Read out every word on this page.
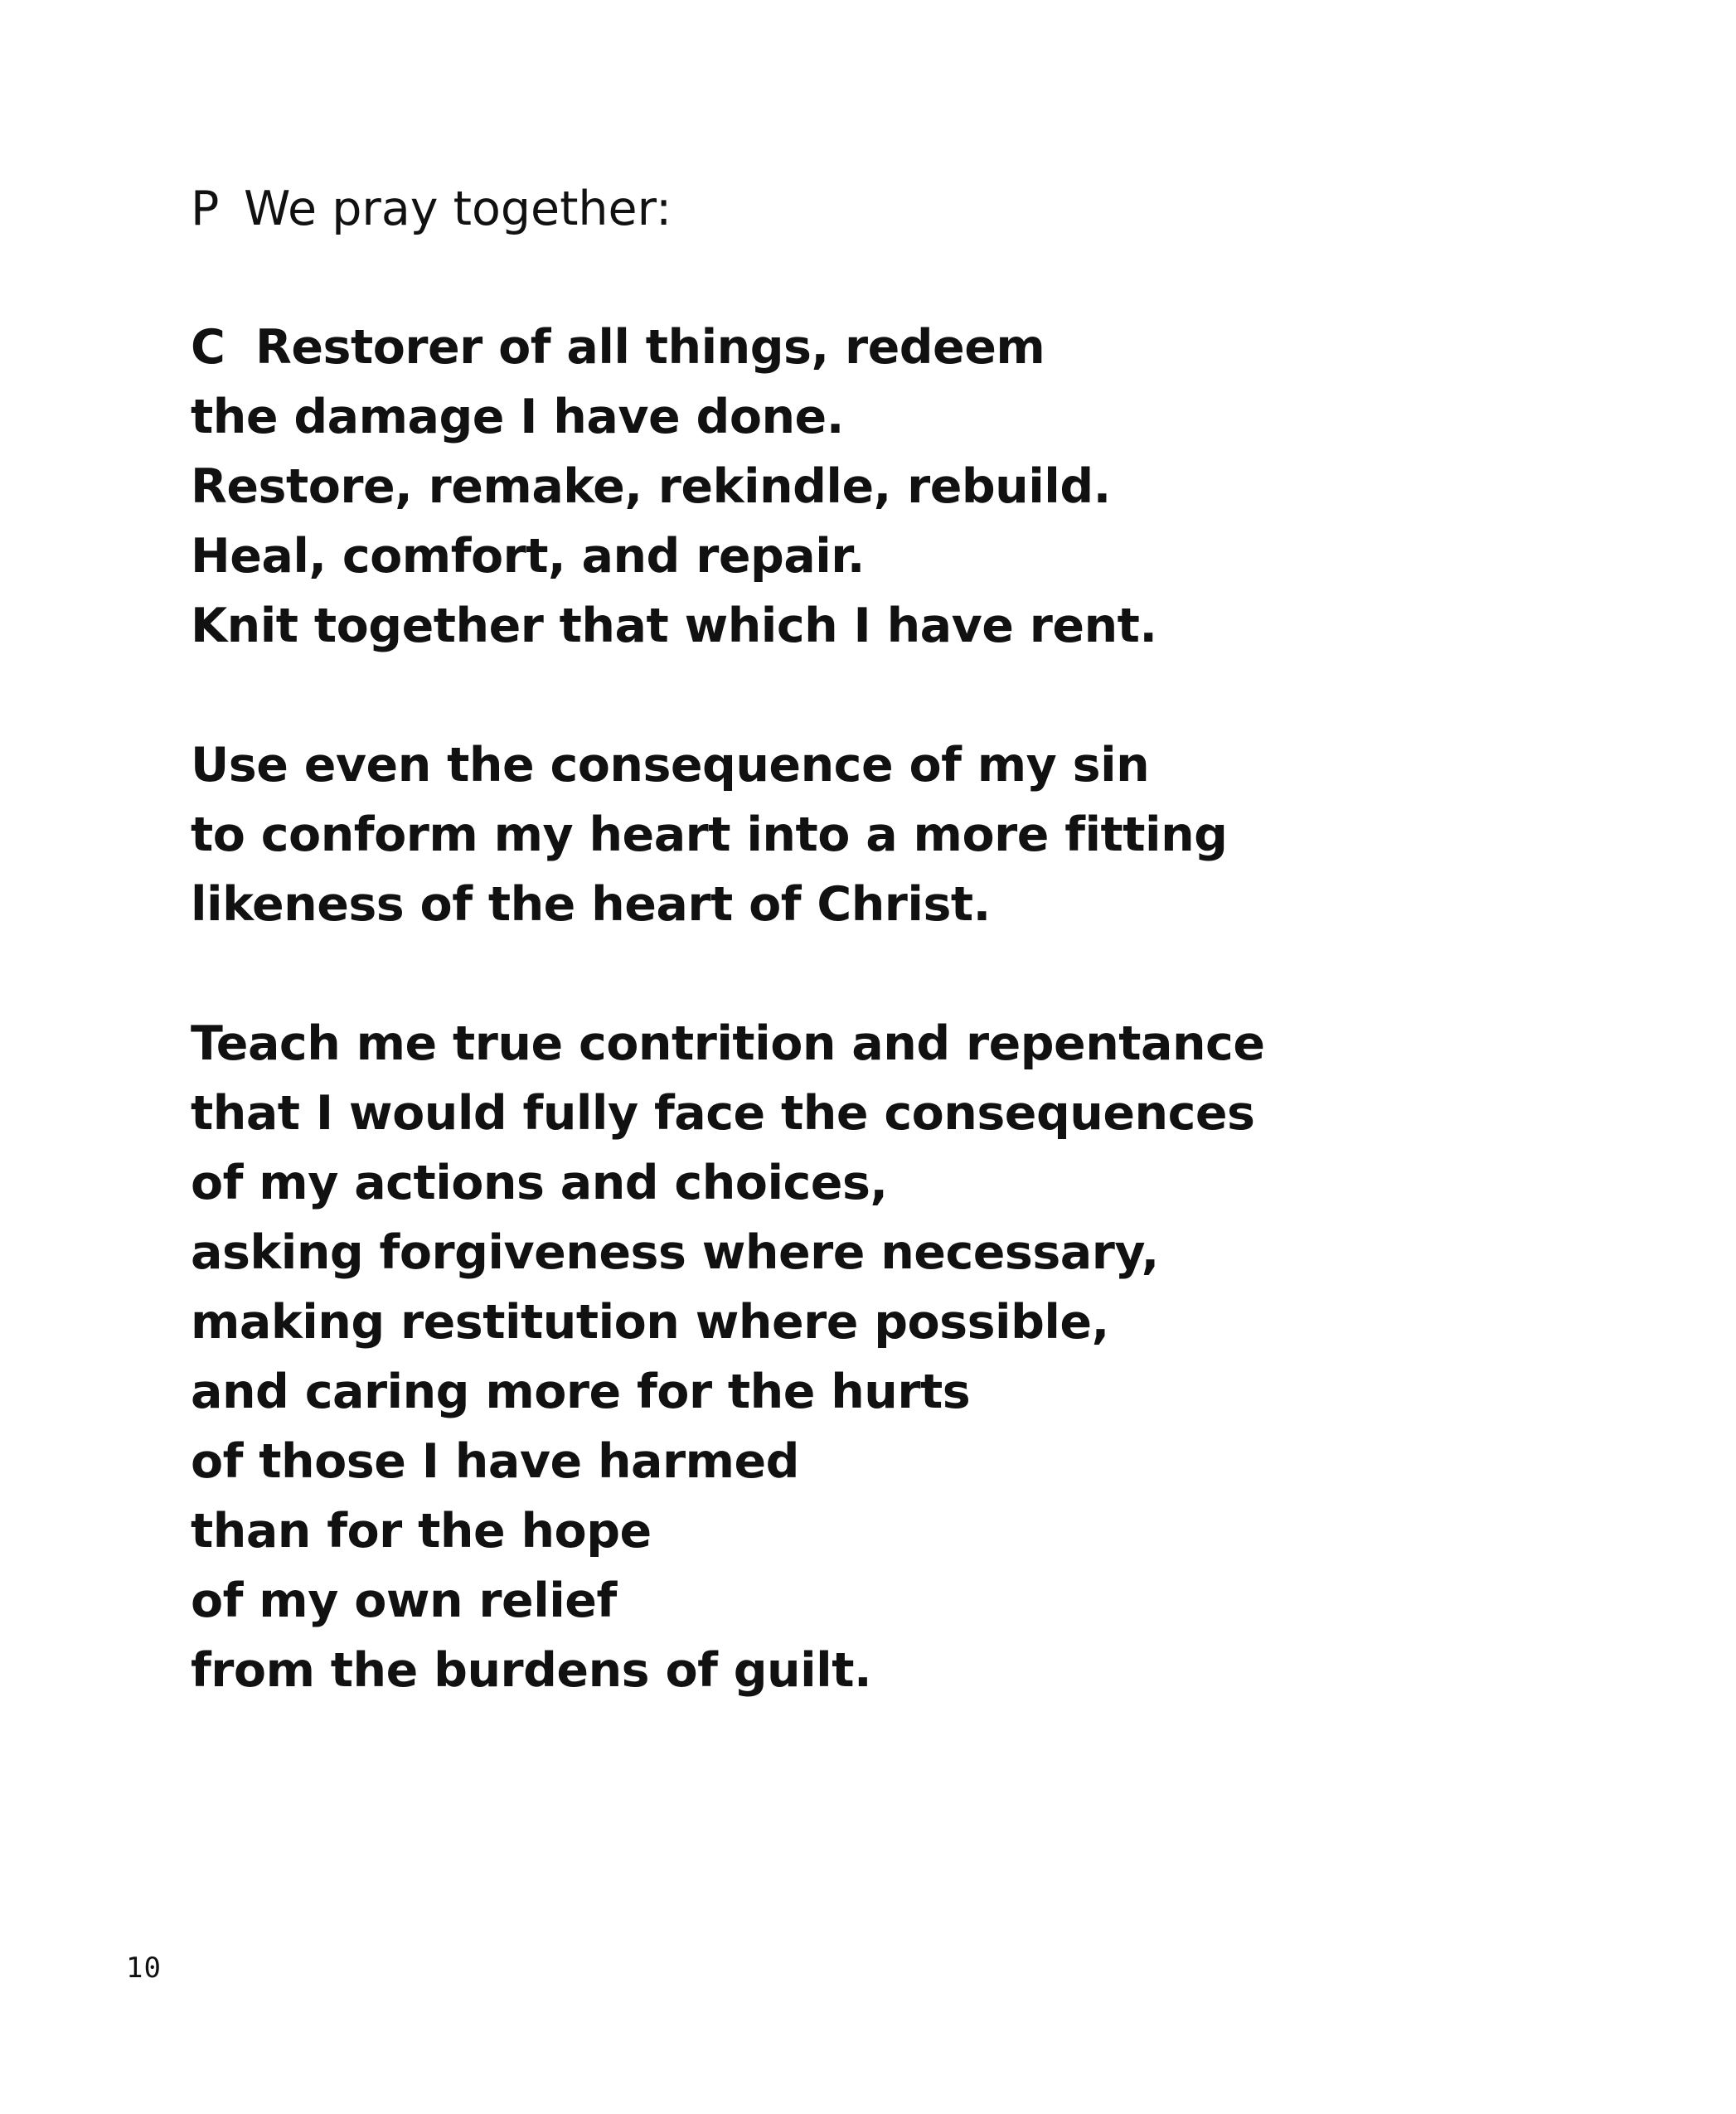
P We pray together:
C Restorer of all things, redeem
the damage I have done.
Restore, remake, rekindle, rebuild.
Heal, comfort, and repair.
Knit together that which I have rent.
Use even the consequence of my sin
to conform my heart into a more fitting
likeness of the heart of Christ.
Teach me true contrition and repentance
that I would fully face the consequences
of my actions and choices,
asking forgiveness where necessary,
making restitution where possible,
and caring more for the hurts
of those I have harmed
than for the hope
of my own relief
from the burdens of guilt.
10
